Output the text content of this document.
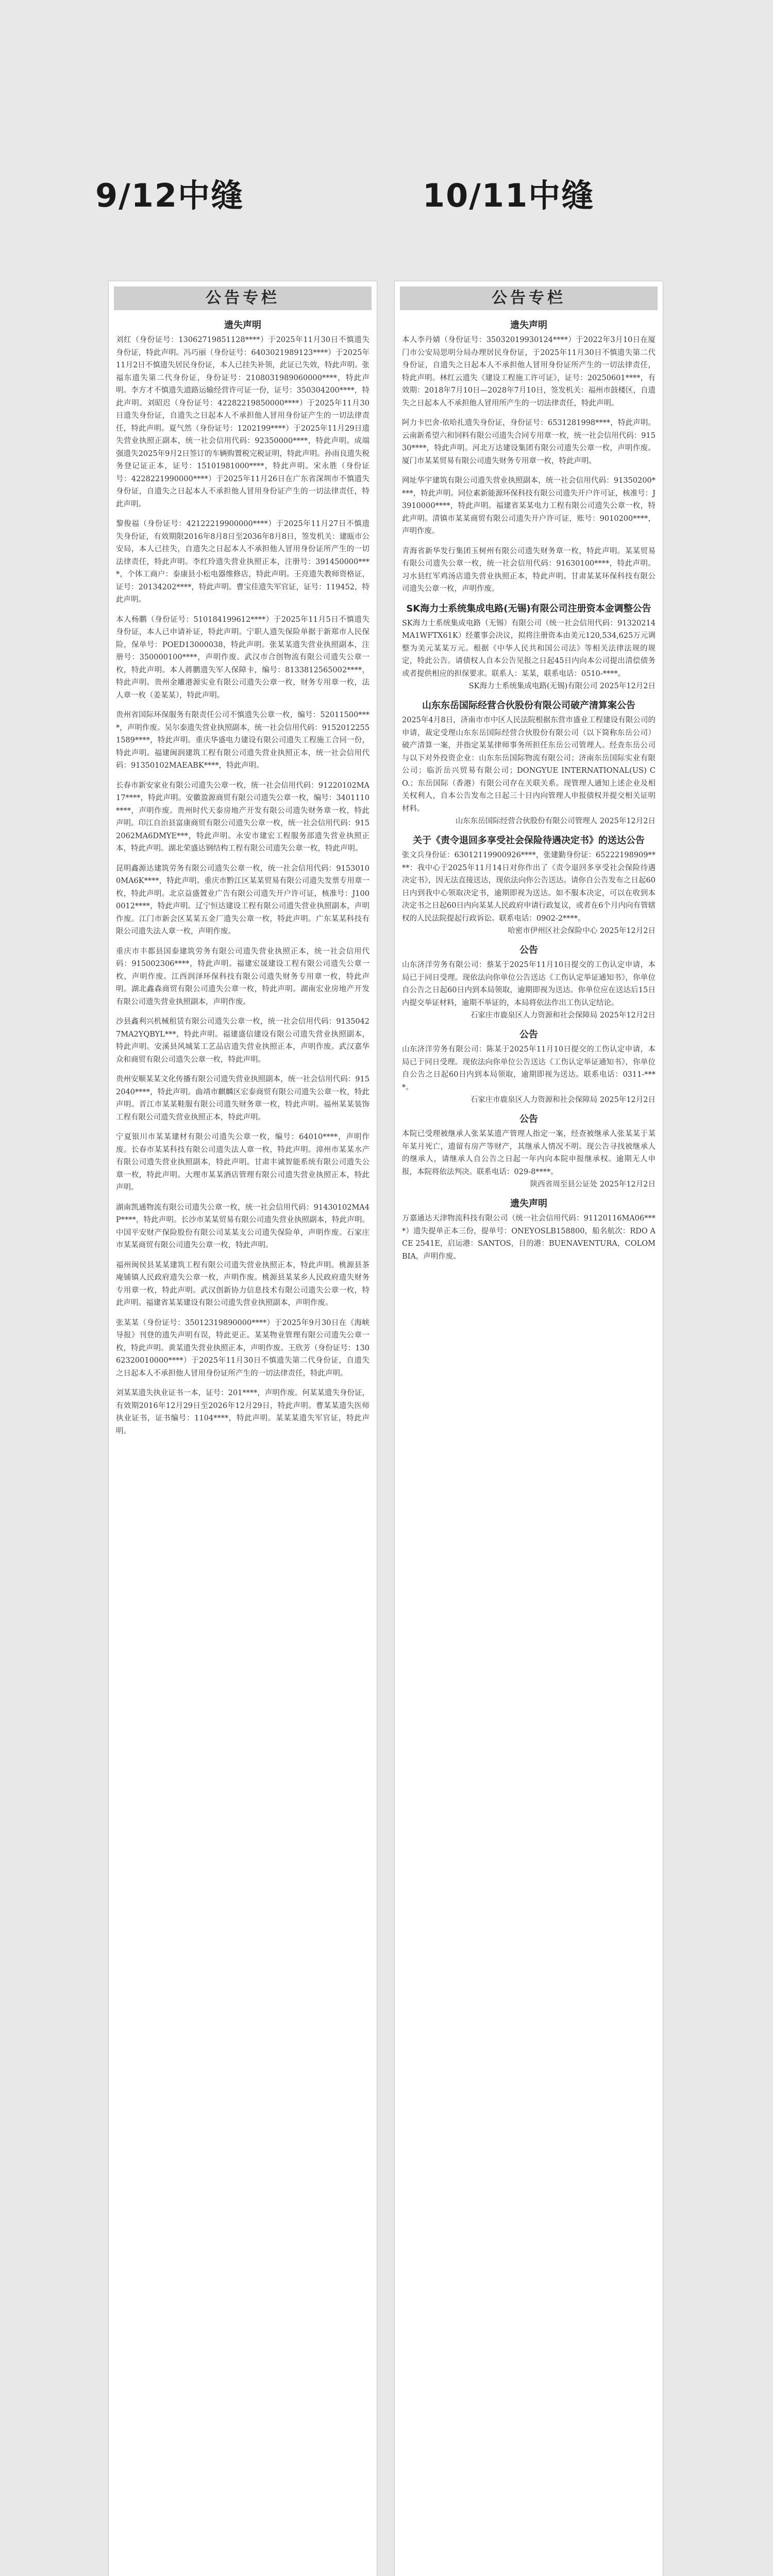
9/12中缝	10/11中缝
公告专栏
遗失声明
刘红（身份证号：13062719851128****）于2025年11月30日不慎遗失身份证，特此声明。冯巧丽（身份证号：6403021989123****）于2025年11月2日不慎遗失居民身份证，本人已挂失补领，此证已失效，特此声明。张福东遗失第二代身份证，身份证号：2108031989060000****，特此声明。李方才不慎遗失道路运输经营许可证一份，证号：350304200****，特此声明。刘昭迟（身份证号：42282219850000****）于2025年11月30日遗失身份证，自遗失之日起本人不承担他人冒用身份证产生的一切法律责任，特此声明。夏气然（身份证号：1202199****）于2025年11月29日遗失营业执照正副本，统一社会信用代码：92350000****，特此声明。成端强遗失2025年9月2日签订的车辆购置税完税证明，特此声明。孙雨良遗失税务登记证正本，证号：15101981000****，特此声明。宋永胜（身份证号：4228221990000****）于2025年11月26日在广东省深圳市不慎遗失身份证，自遗失之日起本人不承担他人冒用身份证产生的一切法律责任，特此声明。
黎俊福（身份证号：42122219900000****）于2025年11月27日不慎遗失身份证，有效期限2016年8月8日至2036年8月8日，签发机关：建瓯市公安局，本人已挂失，自遗失之日起本人不承担他人冒用身份证所产生的一切法律责任，特此声明。李红玲遗失营业执照正本，注册号：391450000****，个体工商户：泰康县小松电器维修店，特此声明。王亮遗失教师资格证，证号：20134202****，特此声明。曹宝佳遗失军官证，证号：119452，特此声明。
本人杨鹏（身份证号：510184199612****）于2025年11月5日不慎遗失身份证，本人已申请补证，特此声明。宁职人遗失保险单据于新郑市人民保险，保单号：POED13000038，特此声明。张某某遗失营业执照副本，注册号：350000100****，声明作废。武汉市合创物流有限公司遗失公章一枚，特此声明。本人蒋鹏遗失军人保障卡，编号：8133812565002****，特此声明。贵州金雕港源实业有限公司遗失公章一枚，财务专用章一枚，法人章一枚（姜某某），特此声明。
贵州省国际环保服务有限责任公司不慎遗失公章一枚，编号：52011500****，声明作废。吴尔泰遗失营业执照副本，统一社会信用代码：91520122551589****，特此声明。重庆华盛电力建设有限公司遗失工程施工合同一份，特此声明。福建闽润建筑工程有限公司遗失营业执照正本，统一社会信用代码：91350102MAEABK****，特此声明。
长春市新安家业有限公司遗失公章一枚，统一社会信用代码：91220102MA17****，特此声明。安徽盈源商贸有限公司遗失公章一枚，编号：3401110****，声明作废。贵州时代天泰房地产开发有限公司遗失财务章一枚，特此声明。印江自治县富康商贸有限公司遗失公章一枚，统一社会信用代码：9152062MA6DMYE***，特此声明。永安市建宏工程服务部遗失营业执照正本，特此声明。湖北荣盛达钢结构工程有限公司遗失公章一枚，特此声明。
昆明鑫源达建筑劳务有限公司遗失公章一枚，统一社会信用代码：91530100MA6K****，特此声明。重庆市黔江区某某贸易有限公司遗失发票专用章一枚，特此声明。北京益盛置业广告有限公司遗失开户许可证，核准号：J1000012****，特此声明。辽宁恒达建设工程有限公司遗失营业执照副本，声明作废。江门市新会区某某五金厂遗失公章一枚，特此声明。广东某某科技有限公司遗失法人章一枚，声明作废。
重庆市丰都县国泰建筑劳务有限公司遗失营业执照正本，统一社会信用代码：915002306****，特此声明。福建宏晟建设工程有限公司遗失公章一枚，声明作废。江西润泽环保科技有限公司遗失财务专用章一枚，特此声明。湖北鑫森商贸有限公司遗失公章一枚，特此声明。湖南宏业房地产开发有限公司遗失营业执照副本，声明作废。
沙县鑫利兴机械租赁有限公司遗失公章一枚，统一社会信用代码：91350427MA2YQBYL***，特此声明。福建盛信建设有限公司遗失营业执照副本，特此声明。安溪县风城某工艺品店遗失营业执照正本，声明作废。武汉嘉华众和商贸有限公司遗失公章一枚，特此声明。
贵州安顺某某文化传播有限公司遗失营业执照副本，统一社会信用代码：9152040****，特此声明。曲靖市麒麟区宏泰商贸有限公司遗失公章一枚，特此声明。晋江市某某鞋服有限公司遗失财务章一枚，特此声明。福州某某装饰工程有限公司遗失营业执照正本，特此声明。
宁夏银川市某某建材有限公司遗失公章一枚，编号：64010****，声明作废。长春市某某科技有限公司遗失法人章一枚，特此声明。漳州市某某水产有限公司遗失营业执照副本，特此声明。甘肃丰诚智能系统有限公司遗失公章一枚，特此声明。大理市某某酒店管理有限公司遗失营业执照正本，特此声明。
湖南凯通物流有限公司遗失公章一枚，统一社会信用代码：91430102MA4P****，特此声明。长沙市某某贸易有限公司遗失营业执照副本，特此声明。中国平安财产保险股份有限公司某某支公司遗失保险单，声明作废。石家庄市某某商贸有限公司遗失公章一枚，特此声明。
福州闽侯县某某建筑工程有限公司遗失营业执照正本，特此声明。桃源县茶庵铺镇人民政府遗失公章一枚，声明作废。桃源县某某乡人民政府遗失财务专用章一枚，特此声明。武汉创新协力信息技术有限公司遗失公章一枚，特此声明。福建省某某建设有限公司遗失营业执照副本，声明作废。
张某某（身份证号：35012319890000****）于2025年9月30日在《海峡导报》刊登的遗失声明有误，特此更正。某某物业管理有限公司遗失公章一枚，特此声明。黄某遗失营业执照正本，声明作废。王欣芳（身份证号：13062320010000****）于2025年11月30日不慎遗失第二代身份证，自遗失之日起本人不承担他人冒用身份证所产生的一切法律责任，特此声明。
刘某某遗失执业证书一本，证号：201****，声明作废。何某某遗失身份证，有效期2016年12月29日至2026年12月29日，特此声明。曹某某遗失医师执业证书，证书编号：1104****，特此声明。某某某遗失军官证，特此声明。
公告专栏
遗失声明
本人李丹婧（身份证号：35032019930124****）于2022年3月10日在厦门市公安局思明分局办理居民身份证，于2025年11月30日不慎遗失第二代身份证，自遗失之日起本人不承担他人冒用身份证所产生的一切法律责任，特此声明。林红云遗失《建设工程施工许可证》，证号：20250601****，有效期：2018年7月10日—2028年7月10日，签发机关：福州市鼓楼区，自遗失之日起本人不承担他人冒用所产生的一切法律责任，特此声明。
阿力卡巴舍·依哈扎遗失身份证，身份证号：6531281998****，特此声明。云南新希望六和饲料有限公司遗失合同专用章一枚，统一社会信用代码：91530****，特此声明。河北万达建设集团有限公司遗失公章一枚，声明作废。厦门市某某贸易有限公司遗失财务专用章一枚，特此声明。
网址华宇建筑有限公司遗失营业执照副本，统一社会信用代码：91350200****，特此声明。同位素新能源环保科技有限公司遗失开户许可证，核准号：J3910000****，特此声明。福建省某某电力工程有限公司遗失公章一枚，特此声明。清镇市某某商贸有限公司遗失开户许可证，账号：9010200****，声明作废。
青海省新华发行集团玉树州有限公司遗失财务章一枚，特此声明。某某贸易有限公司遗失公章一枚，统一社会信用代码：91630100****，特此声明。习水县红军鸡汤店遗失营业执照正本，特此声明。甘肃某某环保科技有限公司遗失公章一枚，声明作废。
SK海力士系统集成电路(无锡)有限公司注册资本金调整公告
SK海力士系统集成电路（无锡）有限公司（统一社会信用代码：91320214MA1WFTX61K）经董事会决议，拟将注册资本由美元120,534,625万元调整为美元某某万元。根据《中华人民共和国公司法》等相关法律法规的规定，特此公告。请债权人自本公告见报之日起45日内向本公司提出清偿债务或者提供相应的担保要求。联系人：某某，联系电话：0510-****。
SK海力士系统集成电路(无锡)有限公司 2025年12月2日
山东东岳国际经营合伙股份有限公司破产清算案公告
2025年4月8日，济南市市中区人民法院根据东营市盛业工程建设有限公司的申请，裁定受理山东东岳国际经营合伙股份有限公司（以下简称东岳公司）破产清算一案，并指定某某律师事务所担任东岳公司管理人。经查东岳公司与以下对外投资企业：山东东岳国际物流有限公司；济南东岳国际实业有限公司；临沂岳兴贸易有限公司；DONGYUE INTERNATIONAL(US) CO.；东岳国际（香港）有限公司存在关联关系。现管理人通知上述企业及相关权利人，自本公告发布之日起三十日内向管理人申报债权并提交相关证明材料。
山东东岳国际经营合伙股份有限公司管理人 2025年12月2日
关于《责令退回多享受社会保险待遇决定书》的送达公告
张文兵身份证：63012119900926****，张建勤身份证：65222198909****：我中心于2025年11月14日对你作出了《责令退回多享受社会保险待遇决定书》，因无法直接送达，现依法向你公告送达。请你自公告发布之日起60日内到我中心领取决定书，逾期即视为送达。如不服本决定，可以在收到本决定书之日起60日内向某某人民政府申请行政复议，或者在6个月内向有管辖权的人民法院提起行政诉讼。联系电话：0902-2****。
哈密市伊州区社会保险中心 2025年12月2日
公告
山东济洋劳务有限公司：蔡某于2025年11月10日提交的工伤认定申请，本局已于同日受理。现依法向你单位公告送达《工伤认定举证通知书》，你单位自公告之日起60日内到本局领取，逾期即视为送达。你单位应在送达后15日内提交举证材料，逾期不举证的，本局将依法作出工伤认定结论。
石家庄市鹿泉区人力资源和社会保障局 2025年12月2日
公告
山东济洋劳务有限公司：陈某于2025年11月10日提交的工伤认定申请，本局已于同日受理。现依法向你单位公告送达《工伤认定举证通知书》，你单位自公告之日起60日内到本局领取，逾期即视为送达。联系电话：0311-****。
石家庄市鹿泉区人力资源和社会保障局 2025年12月2日
公告
本院已受理被继承人张某某遗产管理人指定一案，经查被继承人张某某于某年某月死亡，遗留有房产等财产，其继承人情况不明。现公告寻找被继承人的继承人，请继承人自公告之日起一年内向本院申报继承权。逾期无人申报，本院将依法判决。联系电话：029-8****。
陕西省周至县公证处 2025年12月2日
遗失声明
万嘉通达天津物流科技有限公司（统一社会信用代码：91120116MA06****）遗失提单正本三份，提单号：ONEYOSLB158800，船名航次：RDO ACE 2541E，启运港：SANTOS，目的港：BUENAVENTURA，COLOMBIA，声明作废。
